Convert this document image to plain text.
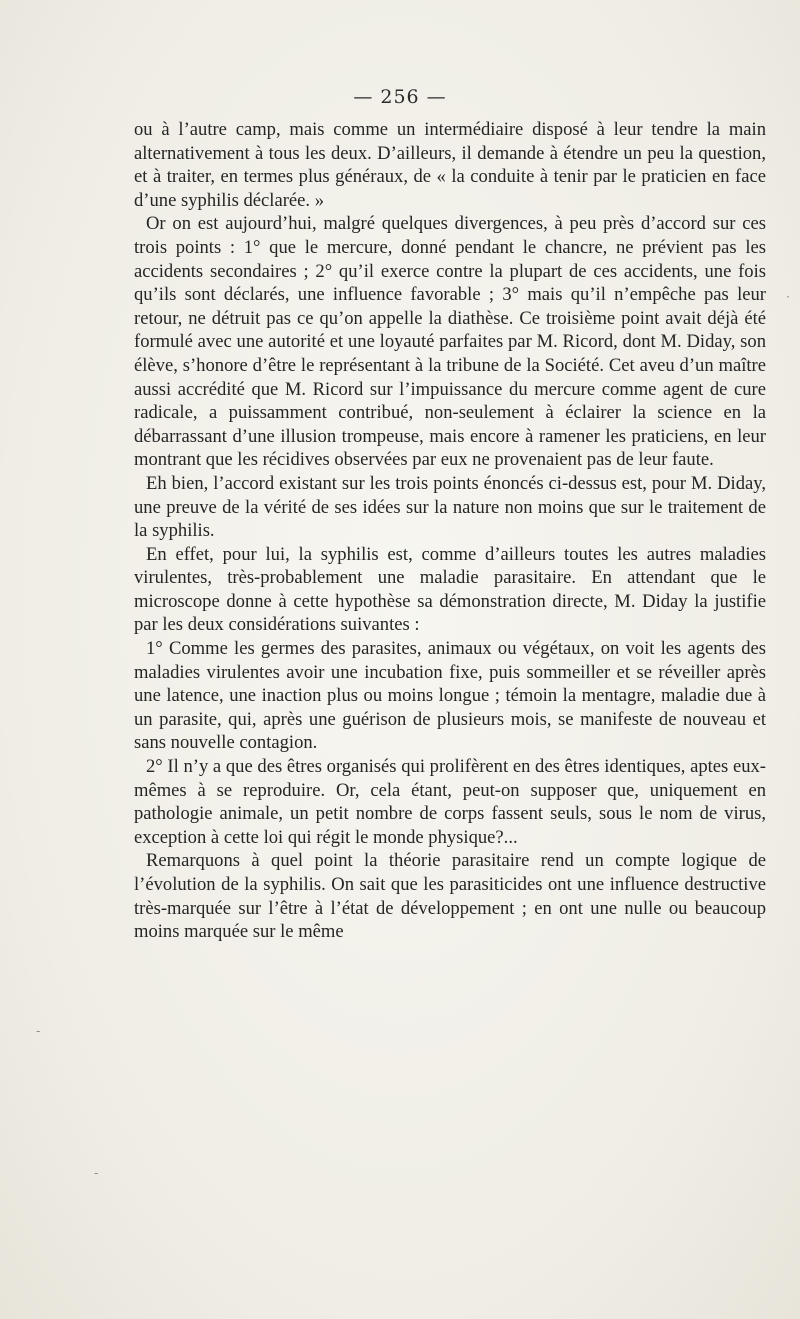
— 256 —

ou à l’autre camp, mais comme un intermédiaire disposé à leur tendre la main alternativement à tous les deux. D’ailleurs, il demande à étendre un peu la question, et à traiter, en termes plus généraux, de « la conduite à tenir par le praticien en face d’une syphilis déclarée. »

Or on est aujourd’hui, malgré quelques divergences, à peu près d’accord sur ces trois points : 1° que le mercure, donné pendant le chancre, ne prévient pas les accidents secondaires ; 2° qu’il exerce contre la plupart de ces accidents, une fois qu’ils sont déclarés, une influence favorable ; 3° mais qu’il n’empêche pas leur retour, ne détruit pas ce qu’on appelle la diathèse. Ce troisième point avait déjà été formulé avec une autorité et une loyauté parfaites par M. Ricord, dont M. Diday, son élève, s’honore d’être le représentant à la tribune de la Société. Cet aveu d’un maître aussi accrédité que M. Ricord sur l’impuissance du mercure comme agent de cure radicale, a puissamment contribué, non-seulement à éclairer la science en la débarrassant d’une illusion trompeuse, mais encore à ramener les praticiens, en leur montrant que les récidives observées par eux ne provenaient pas de leur faute.

Eh bien, l’accord existant sur les trois points énoncés ci-dessus est, pour M. Diday, une preuve de la vérité de ses idées sur la nature non moins que sur le traitement de la syphilis.

En effet, pour lui, la syphilis est, comme d’ailleurs toutes les autres maladies virulentes, très-probablement une maladie parasitaire. En attendant que le microscope donne à cette hypothèse sa démonstration directe, M. Diday la justifie par les deux considérations suivantes :

1° Comme les germes des parasites, animaux ou végétaux, on voit les agents des maladies virulentes avoir une incubation fixe, puis sommeiller et se réveiller après une latence, une inaction plus ou moins longue ; témoin la mentagre, maladie due à un parasite, qui, après une guérison de plusieurs mois, se manifeste de nouveau et sans nouvelle contagion.

2° Il n’y a que des êtres organisés qui prolifèrent en des êtres identiques, aptes eux-mêmes à se reproduire. Or, cela étant, peut-on supposer que, uniquement en pathologie animale, un petit nombre de corps fassent seuls, sous le nom de virus, exception à cette loi qui régit le monde physique?...

Remarquons à quel point la théorie parasitaire rend un compte logique de l’évolution de la syphilis. On sait que les parasiticides ont une influence destructive très-marquée sur l’être à l’état de développement ; en ont une nulle ou beaucoup moins marquée sur le même

·
-
-
